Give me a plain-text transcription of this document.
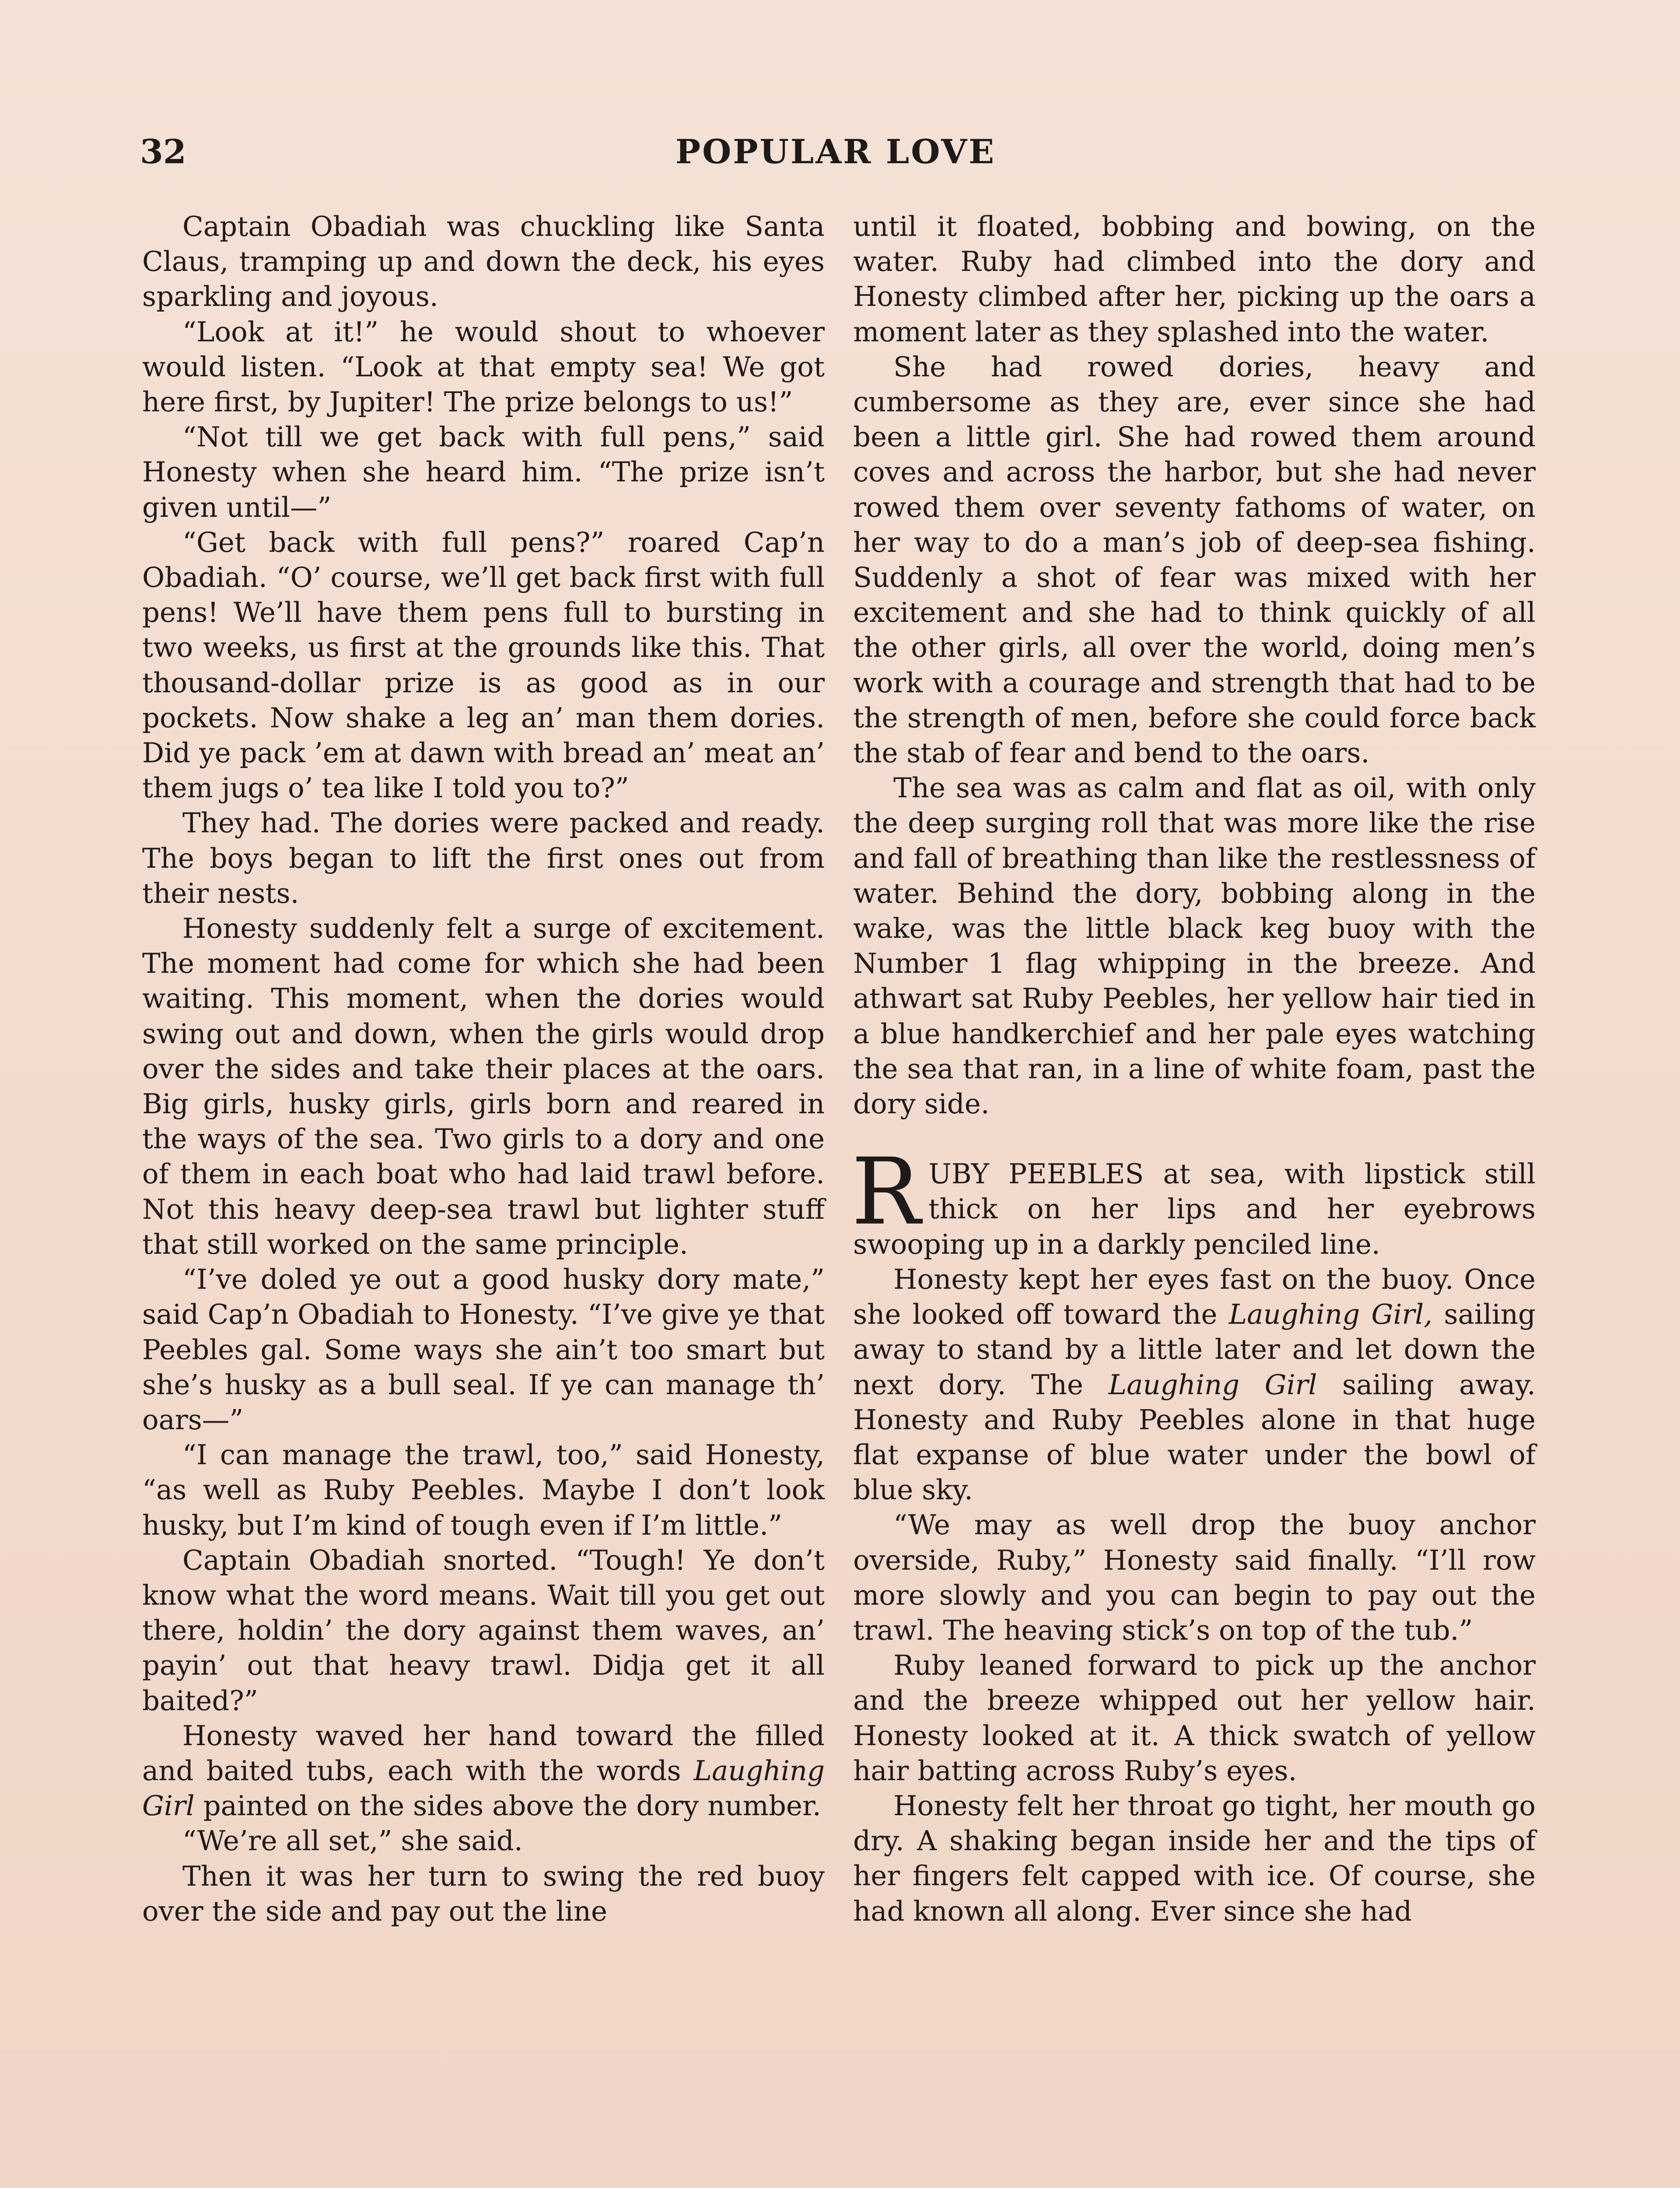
32	POPULAR LOVE

Captain Obadiah was chuckling like Santa Claus, tramping up and down the deck, his eyes sparkling and joyous.

“Look at it!” he would shout to whoever would listen. “Look at that empty sea! We got here first, by Jupiter! The prize belongs to us!”

“Not till we get back with full pens,” said Honesty when she heard him. “The prize isn’t given until—”

“Get back with full pens?” roared Cap’n Obadiah. “O’ course, we’ll get back first with full pens! We’ll have them pens full to bursting in two weeks, us first at the grounds like this. That thousand-dollar prize is as good as in our pockets. Now shake a leg an’ man them dories. Did ye pack ’em at dawn with bread an’ meat an’ them jugs o’ tea like I told you to?”

They had. The dories were packed and ready. The boys began to lift the first ones out from their nests.

Honesty suddenly felt a surge of excitement. The moment had come for which she had been waiting. This moment, when the dories would swing out and down, when the girls would drop over the sides and take their places at the oars. Big girls, husky girls, girls born and reared in the ways of the sea. Two girls to a dory and one of them in each boat who had laid trawl before. Not this heavy deep-sea trawl but lighter stuff that still worked on the same principle.

“I’ve doled ye out a good husky dory mate,” said Cap’n Obadiah to Honesty. “I’ve give ye that Peebles gal. Some ways she ain’t too smart but she’s husky as a bull seal. If ye can manage th’ oars—”

“I can manage the trawl, too,” said Honesty, “as well as Ruby Peebles. Maybe I don’t look husky, but I’m kind of tough even if I’m little.”

Captain Obadiah snorted. “Tough! Ye don’t know what the word means. Wait till you get out there, holdin’ the dory against them waves, an’ payin’ out that heavy trawl. Didja get it all baited?”

Honesty waved her hand toward the filled and baited tubs, each with the words Laughing Girl painted on the sides above the dory number.

“We’re all set,” she said.

Then it was her turn to swing the red buoy over the side and pay out the line

until it floated, bobbing and bowing, on the water. Ruby had climbed into the dory and Honesty climbed after her, picking up the oars a moment later as they splashed into the water.

She had rowed dories, heavy and cumbersome as they are, ever since she had been a little girl. She had rowed them around coves and across the harbor, but she had never rowed them over seventy fathoms of water, on her way to do a man’s job of deep-sea fishing. Suddenly a shot of fear was mixed with her excitement and she had to think quickly of all the other girls, all over the world, doing men’s work with a courage and strength that had to be the strength of men, before she could force back the stab of fear and bend to the oars.

The sea was as calm and flat as oil, with only the deep surging roll that was more like the rise and fall of breathing than like the restlessness of water. Behind the dory, bobbing along in the wake, was the little black keg buoy with the Number 1 flag whipping in the breeze. And athwart sat Ruby Peebles, her yellow hair tied in a blue handkerchief and her pale eyes watching the sea that ran, in a line of white foam, past the dory side.

RUBY PEEBLES at sea, with lipstick still thick on her lips and her eyebrows swooping up in a darkly penciled line.

Honesty kept her eyes fast on the buoy. Once she looked off toward the Laughing Girl, sailing away to stand by a little later and let down the next dory. The Laughing Girl sailing away. Honesty and Ruby Peebles alone in that huge flat expanse of blue water under the bowl of blue sky.

“We may as well drop the buoy anchor overside, Ruby,” Honesty said finally. “I’ll row more slowly and you can begin to pay out the trawl. The heaving stick’s on top of the tub.”

Ruby leaned forward to pick up the anchor and the breeze whipped out her yellow hair. Honesty looked at it. A thick swatch of yellow hair batting across Ruby’s eyes.

Honesty felt her throat go tight, her mouth go dry. A shaking began inside her and the tips of her fingers felt capped with ice. Of course, she had known all along. Ever since she had
